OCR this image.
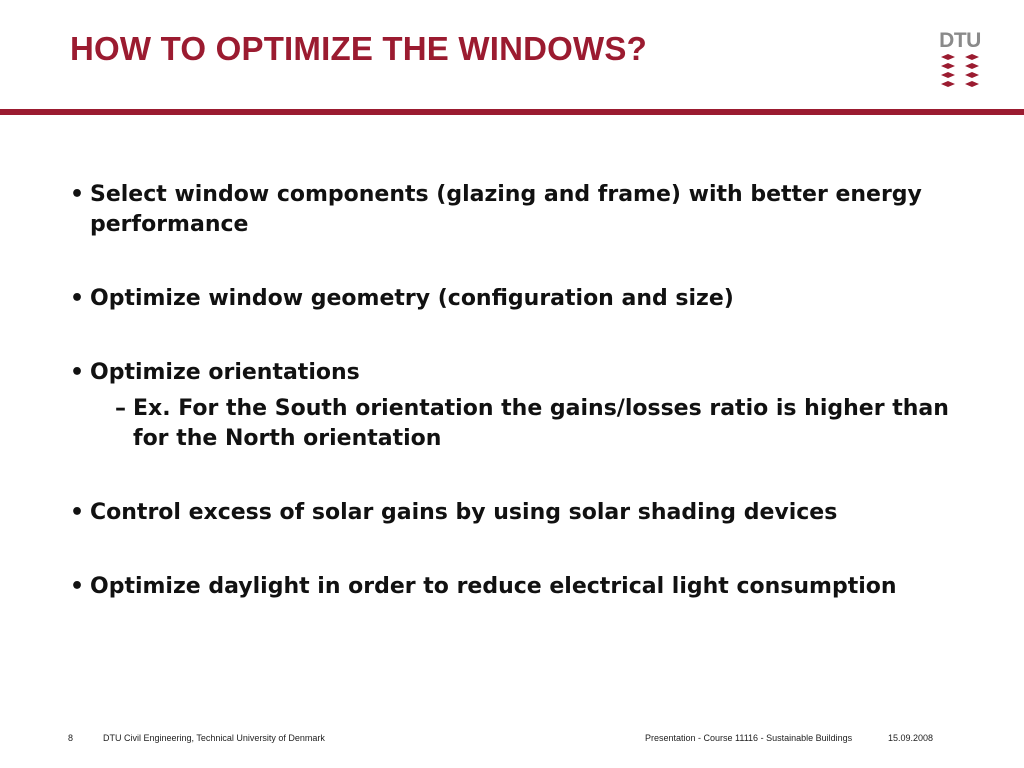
HOW TO OPTIMIZE THE WINDOWS?	DTU
• Select window components (glazing and frame) with better energy performance
• Optimize window geometry (configuration and size)
• Optimize orientations
– Ex. For the South orientation the gains/losses ratio is higher than for the North orientation
• Control excess of solar gains by using solar shading devices
• Optimize daylight in order to reduce electrical light consumption
8	DTU Civil Engineering, Technical University of Denmark	Presentation - Course 11116 - Sustainable Buildings	15.09.2008
